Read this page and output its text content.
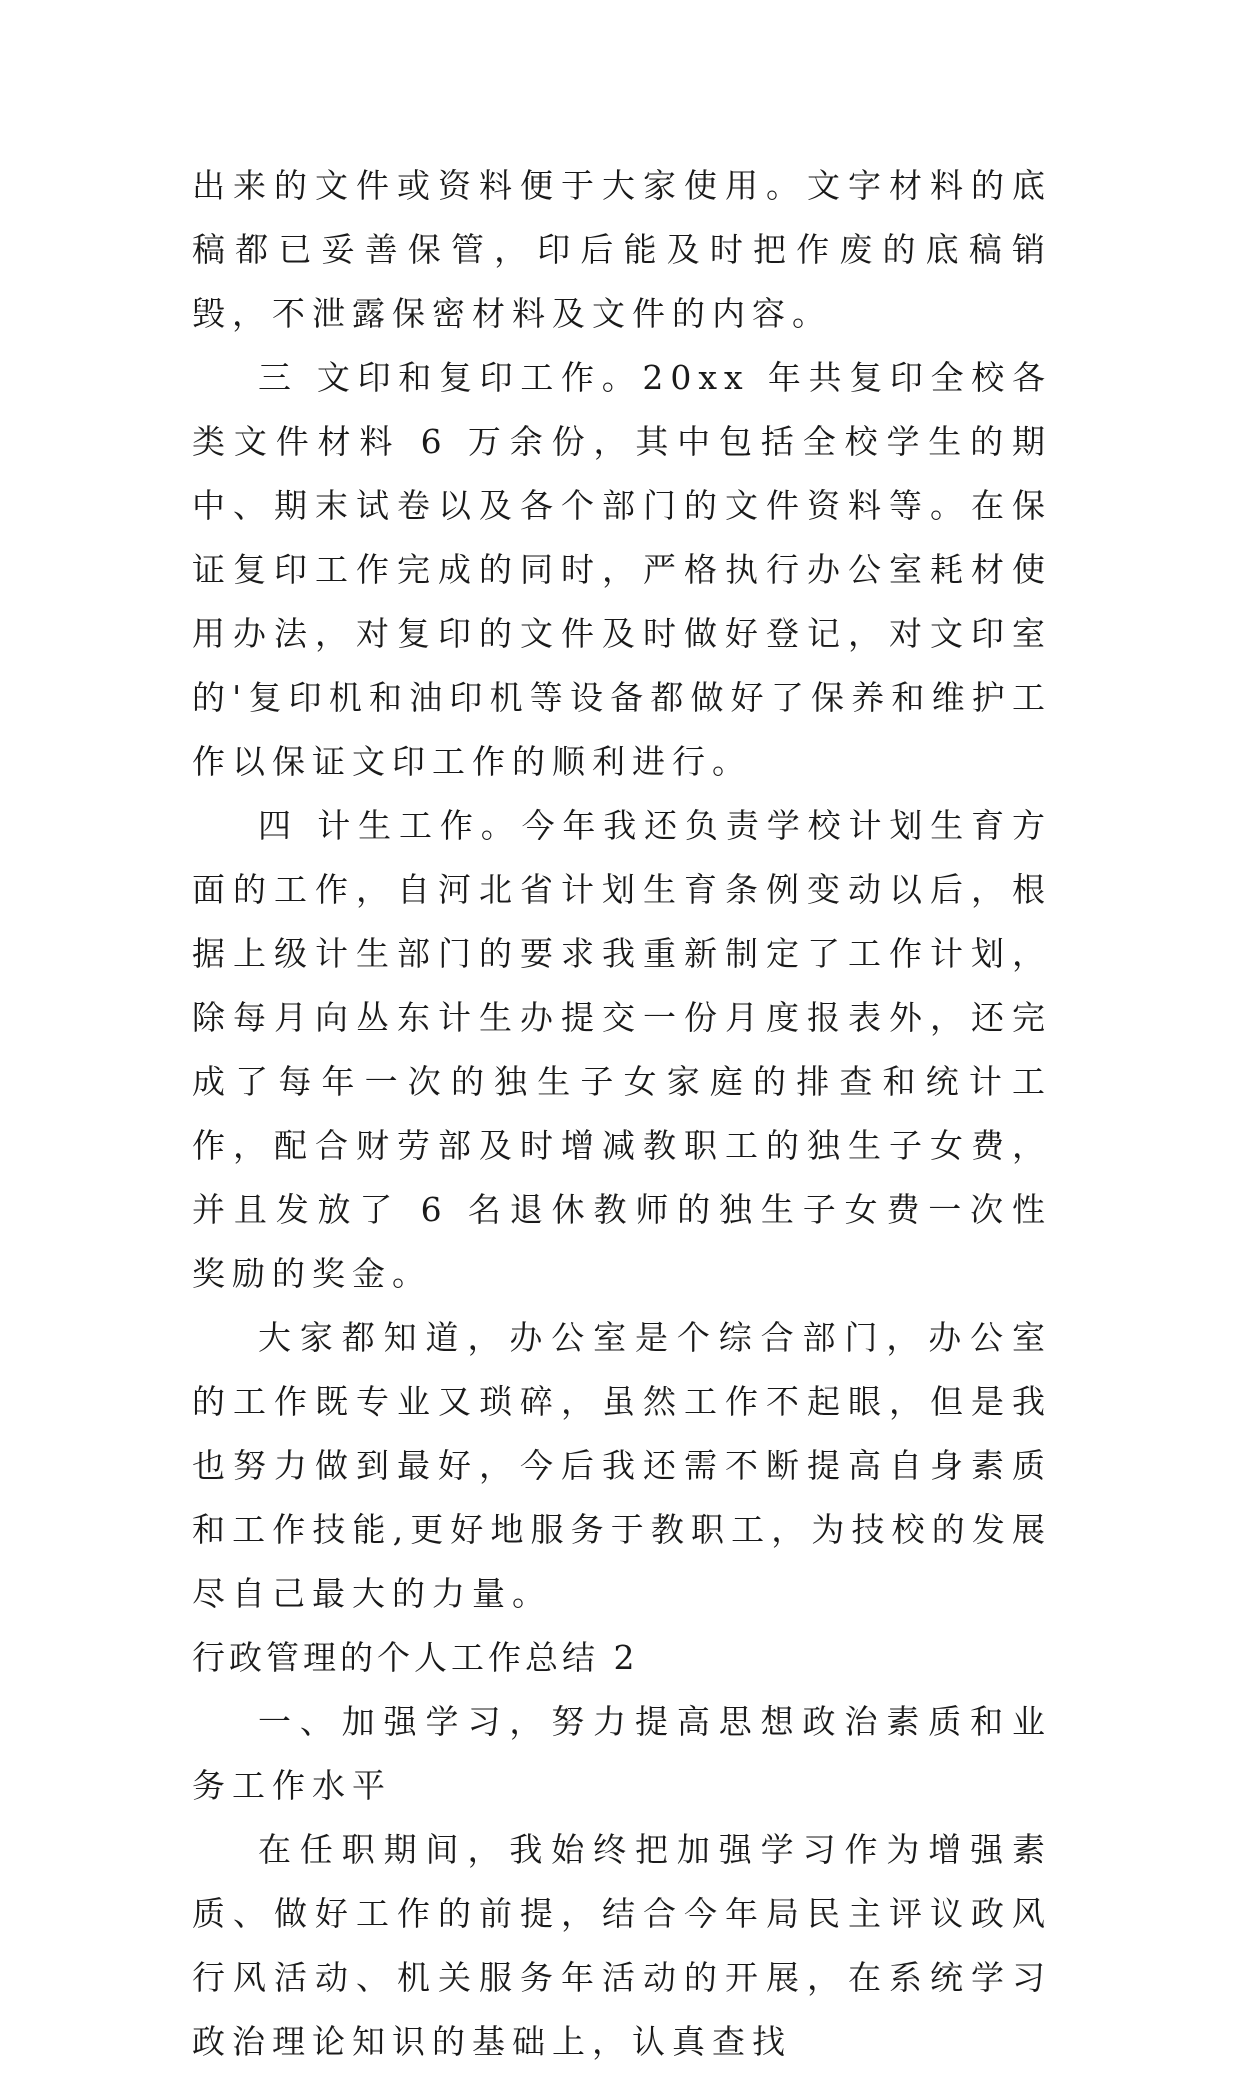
出来的文件或资料便于大家使用。文字材料的底稿都已妥善保管，印后能及时把作废的底稿销毁，不泄露保密材料及文件的内容。

三 文印和复印工作。20xx 年共复印全校各类文件材料 6 万余份，其中包括全校学生的期中、期末试卷以及各个部门的文件资料等。在保证复印工作完成的同时，严格执行办公室耗材使用办法，对复印的文件及时做好登记，对文印室的'复印机和油印机等设备都做好了保养和维护工作以保证文印工作的顺利进行。

四 计生工作。今年我还负责学校计划生育方面的工作，自河北省计划生育条例变动以后，根据上级计生部门的要求我重新制定了工作计划，除每月向丛东计生办提交一份月度报表外，还完成了每年一次的独生子女家庭的排查和统计工作，配合财劳部及时增减教职工的独生子女费，并且发放了 6 名退休教师的独生子女费一次性奖励的奖金。

大家都知道，办公室是个综合部门，办公室的工作既专业又琐碎，虽然工作不起眼，但是我也努力做到最好，今后我还需不断提高自身素质和工作技能,更好地服务于教职工，为技校的发展尽自己最大的力量。

行政管理的个人工作总结 2

一、加强学习，努力提高思想政治素质和业务工作水平

在任职期间，我始终把加强学习作为增强素质、做好工作的前提，结合今年局民主评议政风行风活动、机关服务年活动的开展，在系统学习政治理论知识的基础上，认真查找
